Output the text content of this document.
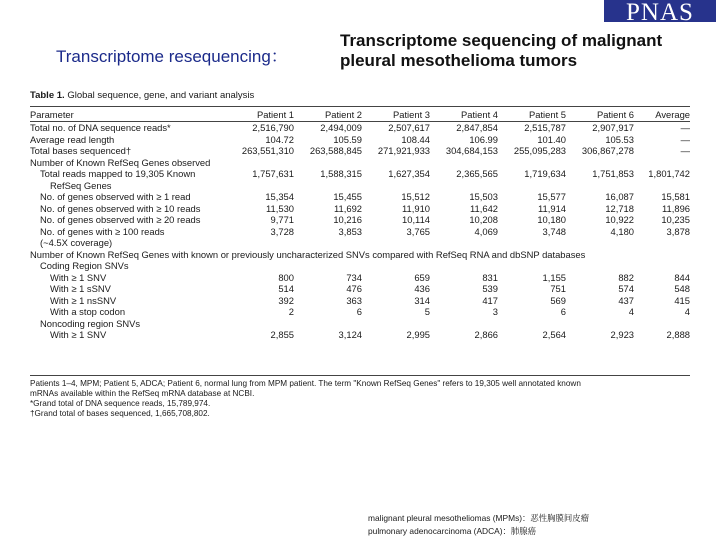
PNAS
Transcriptome resequencing：
Transcriptome sequencing of malignant pleural mesothelioma tumors
Table 1. Global sequence, gene, and variant analysis
Parameter	Patient 1	Patient 2	Patient 3	Patient 4	Patient 5	Patient 6	Average
Total no. of DNA sequence reads*	2,516,790	2,494,009	2,507,617	2,847,854	2,515,787	2,907,917	—
Average read length	104.72	105.59	108.44	106.99	101.40	105.53	—
Total bases sequenced†	263,551,310	263,588,845	271,921,933	304,684,153	255,095,283	306,867,278	—
Number of Known RefSeq Genes observed							
Total reads mapped to 19,305 Known	1,757,631	1,588,315	1,627,354	2,365,565	1,719,634	1,751,853	1,801,742
RefSeq Genes							
No. of genes observed with ≥ 1 read	15,354	15,455	15,512	15,503	15,577	16,087	15,581
No. of genes observed with ≥ 10 reads	11,530	11,692	11,910	11,642	11,914	12,718	11,896
No. of genes observed with ≥ 20 reads	9,771	10,216	10,114	10,208	10,180	10,922	10,235
No. of genes with ≥ 100 reads	3,728	3,853	3,765	4,069	3,748	4,180	3,878
(~4.5X coverage)							
Number of Known RefSeq Genes with known or previously uncharacterized SNVs compared with RefSeq RNA and dbSNP databases							
Coding Region SNVs							
With ≥ 1 SNV	800	734	659	831	1,155	882	844
With ≥ 1 sSNV	514	476	436	539	751	574	548
With ≥ 1 nsSNV	392	363	314	417	569	437	415
With a stop codon	2	6	5	3	6	4	4
Noncoding region SNVs							
With ≥ 1 SNV	2,855	3,124	2,995	2,866	2,564	2,923	2,888
Patients 1–4, MPM; Patient 5, ADCA; Patient 6, normal lung from MPM patient. The term "Known RefSeq Genes" refers to 19,305 well annotated known
mRNAs available within the RefSeq mRNA database at NCBI.
*Grand total of DNA sequence reads, 15,789,974.
†Grand total of bases sequenced, 1,665,708,802.
malignant pleural mesotheliomas (MPMs)：恶性胸膜间皮瘤
pulmonary adenocarcinoma (ADCA)：肺腺癌
